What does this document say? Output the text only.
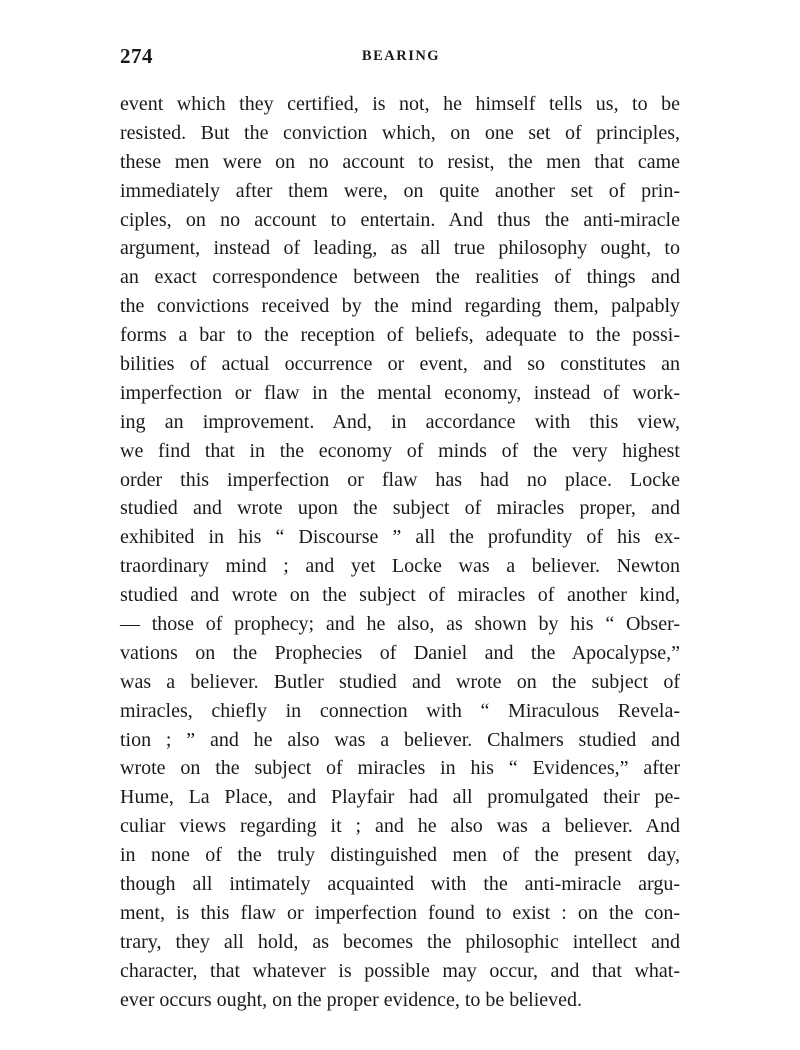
274	BEARING
event which they certified, is not, he himself tells us, to be
resisted. But the conviction which, on one set of principles,
these men were on no account to resist, the men that came
immediately after them were, on quite another set of prin-
ciples, on no account to entertain. And thus the anti-miracle
argument, instead of leading, as all true philosophy ought, to
an exact correspondence between the realities of things and
the convictions received by the mind regarding them, palpably
forms a bar to the reception of beliefs, adequate to the possi-
bilities of actual occurrence or event, and so constitutes an
imperfection or flaw in the mental economy, instead of work-
ing an improvement. And, in accordance with this view,
we find that in the economy of minds of the very highest
order this imperfection or flaw has had no place. Locke
studied and wrote upon the subject of miracles proper, and
exhibited in his “ Discourse ” all the profundity of his ex-
traordinary mind ; and yet Locke was a believer. Newton
studied and wrote on the subject of miracles of another kind,
— those of prophecy; and he also, as shown by his “ Obser-
vations on the Prophecies of Daniel and the Apocalypse,”
was a believer. Butler studied and wrote on the subject of
miracles, chiefly in connection with “ Miraculous Revela-
tion ; ” and he also was a believer. Chalmers studied and
wrote on the subject of miracles in his “ Evidences,” after
Hume, La Place, and Playfair had all promulgated their pe-
culiar views regarding it ; and he also was a believer. And
in none of the truly distinguished men of the present day,
though all intimately acquainted with the anti-miracle argu-
ment, is this flaw or imperfection found to exist : on the con-
trary, they all hold, as becomes the philosophic intellect and
character, that whatever is possible may occur, and that what-
ever occurs ought, on the proper evidence, to be believed.
